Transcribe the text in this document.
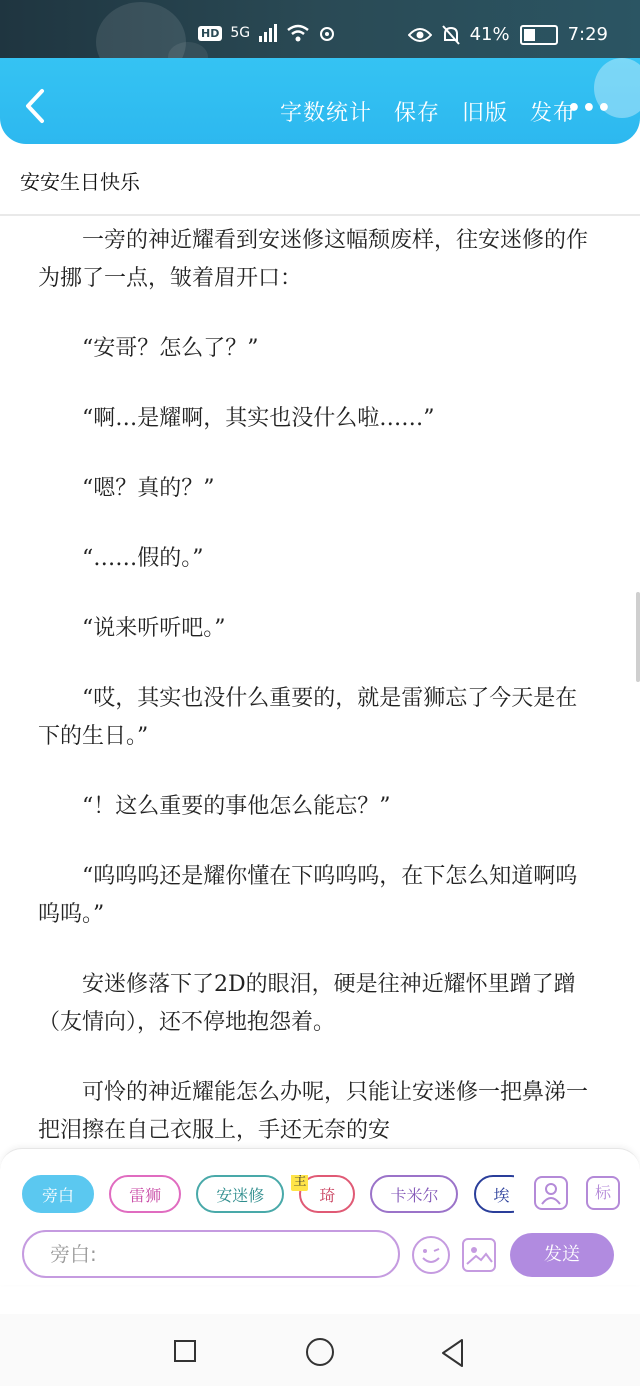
HD 5G	41%	7:29
字数统计 保存 旧版 发布
•••
安安生日快乐

一旁的神近耀看到安迷修这幅颓废样，往安迷修的作为挪了一点，皱着眉开口：

“安哥？怎么了？”

“啊…是耀啊，其实也没什么啦……”

“嗯？真的？”

“……假的。”

“说来听听吧。”

“哎，其实也没什么重要的，就是雷狮忘了今天是在下的生日。”

“！这么重要的事他怎么能忘？”

“呜呜呜还是耀你懂在下呜呜呜，在下怎么知道啊呜呜呜。”

安迷修落下了2D的眼泪，硬是往神近耀怀里蹭了蹭（友情向），还不停地抱怨着。

可怜的神近耀能怎么办呢，只能让安迷修一把鼻涕一把泪擦在自己衣服上，手还无奈的安

旁白	雷狮	安迷修
主
琦	卡米尔	埃	标
旁白:	发送
